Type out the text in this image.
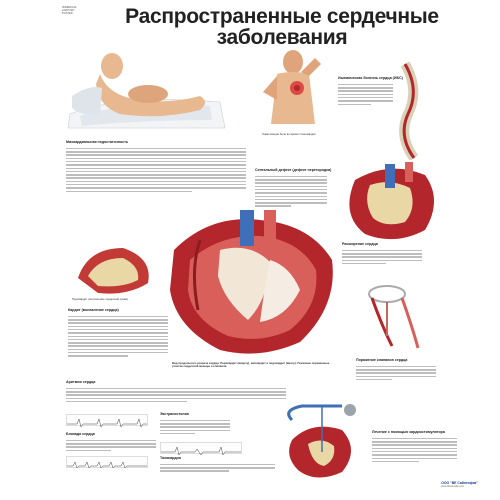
3DMEDICAL ANATOMY POSTER	Распространенные сердечные
заболевания
Локализация боли во время стенокардии
Ишемическая болезнь сердца (ИБС)
Миокардиальная недостаточность
Септальный дефект (дефект перегородки)
Расширение сердца
Перикардит (воспаление сердечной сумки)
Вид продольного разреза сердца. Перикардит (вверху), миокардит и эндокардит (внизу). Показаны пораженные участки сердечной мышцы и клапанов.
Кардит (воспаление сердца)
Поражение клапанов сердца
Аритмия сердца
Блокада сердца
Экстрасистолия
Тахикардия
Лечение с помощью кардиостимулятора
ООО "ВЕ Сайнтифик"
www.3bscientific.com
